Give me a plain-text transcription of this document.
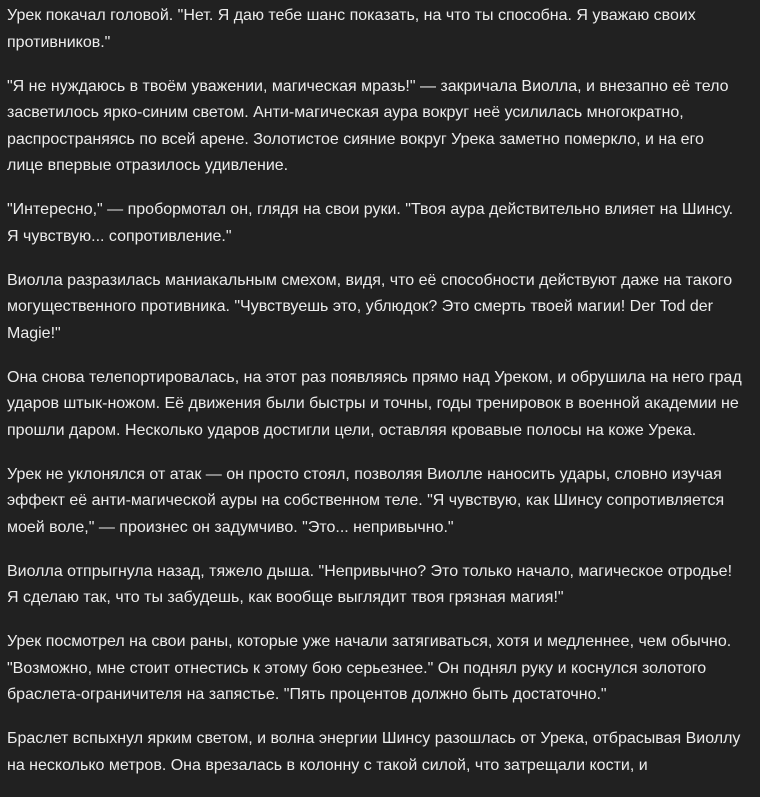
Урек покачал головой. "Нет. Я даю тебе шанс показать, на что ты способна. Я уважаю своих противников."

"Я не нуждаюсь в твоём уважении, магическая мразь!" — закричала Виолла, и внезапно её тело засветилось ярко-синим светом. Анти-магическая аура вокруг неё усилилась многократно, распространяясь по всей арене. Золотистое сияние вокруг Урека заметно померкло, и на его лице впервые отразилось удивление.

"Интересно," — пробормотал он, глядя на свои руки. "Твоя аура действительно влияет на Шинсу. Я чувствую... сопротивление."

Виолла разразилась маниакальным смехом, видя, что её способности действуют даже на такого могущественного противника. "Чувствуешь это, ублюдок? Это смерть твоей магии! Der Tod der Magie!"

Она снова телепортировалась, на этот раз появляясь прямо над Уреком, и обрушила на него град ударов штык-ножом. Её движения были быстры и точны, годы тренировок в военной академии не прошли даром. Несколько ударов достигли цели, оставляя кровавые полосы на коже Урека.

Урек не уклонялся от атак — он просто стоял, позволяя Виолле наносить удары, словно изучая эффект её анти-магической ауры на собственном теле. "Я чувствую, как Шинсу сопротивляется моей воле," — произнес он задумчиво. "Это... непривычно."

Виолла отпрыгнула назад, тяжело дыша. "Непривычно? Это только начало, магическое отродье! Я сделаю так, что ты забудешь, как вообще выглядит твоя грязная магия!"

Урек посмотрел на свои раны, которые уже начали затягиваться, хотя и медленнее, чем обычно. "Возможно, мне стоит отнестись к этому бою серьезнее." Он поднял руку и коснулся золотого браслета-ограничителя на запястье. "Пять процентов должно быть достаточно."

Браслет вспыхнул ярким светом, и волна энергии Шинсу разошлась от Урека, отбрасывая Виоллу на несколько метров. Она врезалась в колонну с такой силой, что затрещали кости, и
